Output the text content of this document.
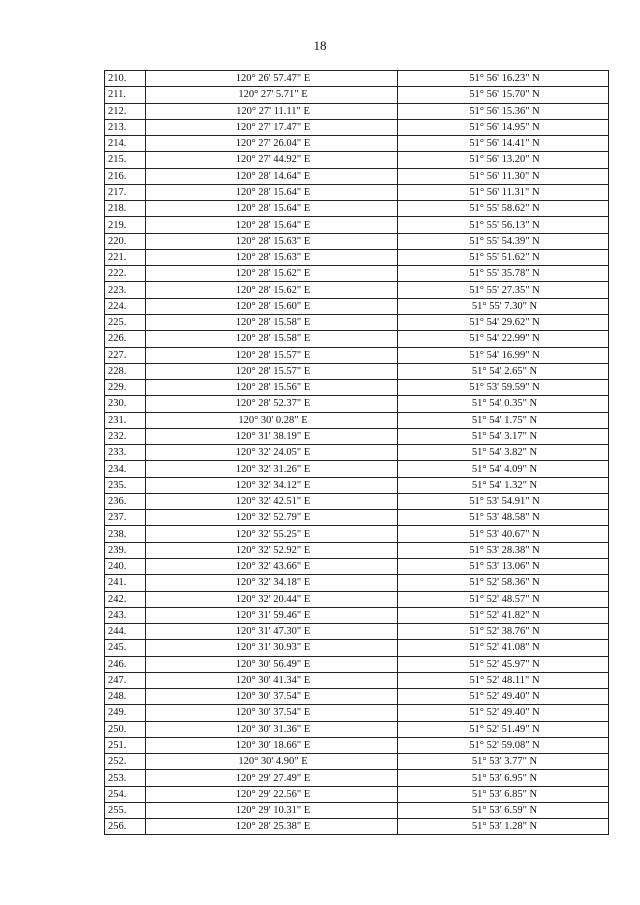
18
210.	120° 26' 57.47" E	51° 56' 16.23" N
211.	120° 27' 5.71" E	51° 56' 15.70" N
212.	120° 27' 11.11" E	51° 56' 15.36" N
213.	120° 27' 17.47" E	51° 56' 14.95" N
214.	120° 27' 26.04" E	51° 56' 14.41" N
215.	120° 27' 44.92" E	51° 56' 13.20" N
216.	120° 28' 14.64" E	51° 56' 11.30" N
217.	120° 28' 15.64" E	51° 56' 11.31" N
218.	120° 28' 15.64" E	51° 55' 58.62" N
219.	120° 28' 15.64" E	51° 55' 56.13" N
220.	120° 28' 15.63" E	51° 55' 54.39" N
221.	120° 28' 15.63" E	51° 55' 51.62" N
222.	120° 28' 15.62" E	51° 55' 35.78" N
223.	120° 28' 15.62" E	51° 55' 27.35" N
224.	120° 28' 15.60" E	51° 55' 7.30" N
225.	120° 28' 15.58" E	51° 54' 29.62" N
226.	120° 28' 15.58" E	51° 54' 22.99" N
227.	120° 28' 15.57" E	51° 54' 16.99" N
228.	120° 28' 15.57" E	51° 54' 2.65" N
229.	120° 28' 15.56" E	51° 53' 59.59" N
230.	120° 28' 52.37" E	51° 54' 0.35" N
231.	120° 30' 0.28" E	51° 54' 1.75" N
232.	120° 31' 38.19" E	51° 54' 3.17" N
233.	120° 32' 24.05" E	51° 54' 3.82" N
234.	120° 32' 31.26" E	51° 54' 4.09" N
235.	120° 32' 34.12" E	51° 54' 1.32" N
236.	120° 32' 42.51" E	51° 53' 54.91" N
237.	120° 32' 52.79" E	51° 53' 48.58" N
238.	120° 32' 55.25" E	51° 53' 40.67" N
239.	120° 32' 52.92" E	51° 53' 28.38" N
240.	120° 32' 43.66" E	51° 53' 13.06" N
241.	120° 32' 34.18" E	51° 52' 58.36" N
242.	120° 32' 20.44" E	51° 52' 48.57" N
243.	120° 31' 59.46" E	51° 52' 41.82" N
244.	120° 31' 47.30" E	51° 52' 38.76" N
245.	120° 31' 30.93" E	51° 52' 41.08" N
246.	120° 30' 56.49" E	51° 52' 45.97" N
247.	120° 30' 41.34" E	51° 52' 48.11" N
248.	120° 30' 37.54" E	51° 52' 49.40" N
249.	120° 30' 37.54" E	51° 52' 49.40" N
250.	120° 30' 31.36" E	51° 52' 51.49" N
251.	120° 30' 18.66" E	51° 52' 59.08" N
252.	120° 30' 4.90" E	51° 53' 3.77" N
253.	120° 29' 27.49" E	51° 53' 6.95" N
254.	120° 29' 22.56" E	51° 53' 6.85" N
255.	120° 29' 10.31" E	51° 53' 6.59" N
256.	120° 28' 25.38" E	51° 53' 1.28" N
